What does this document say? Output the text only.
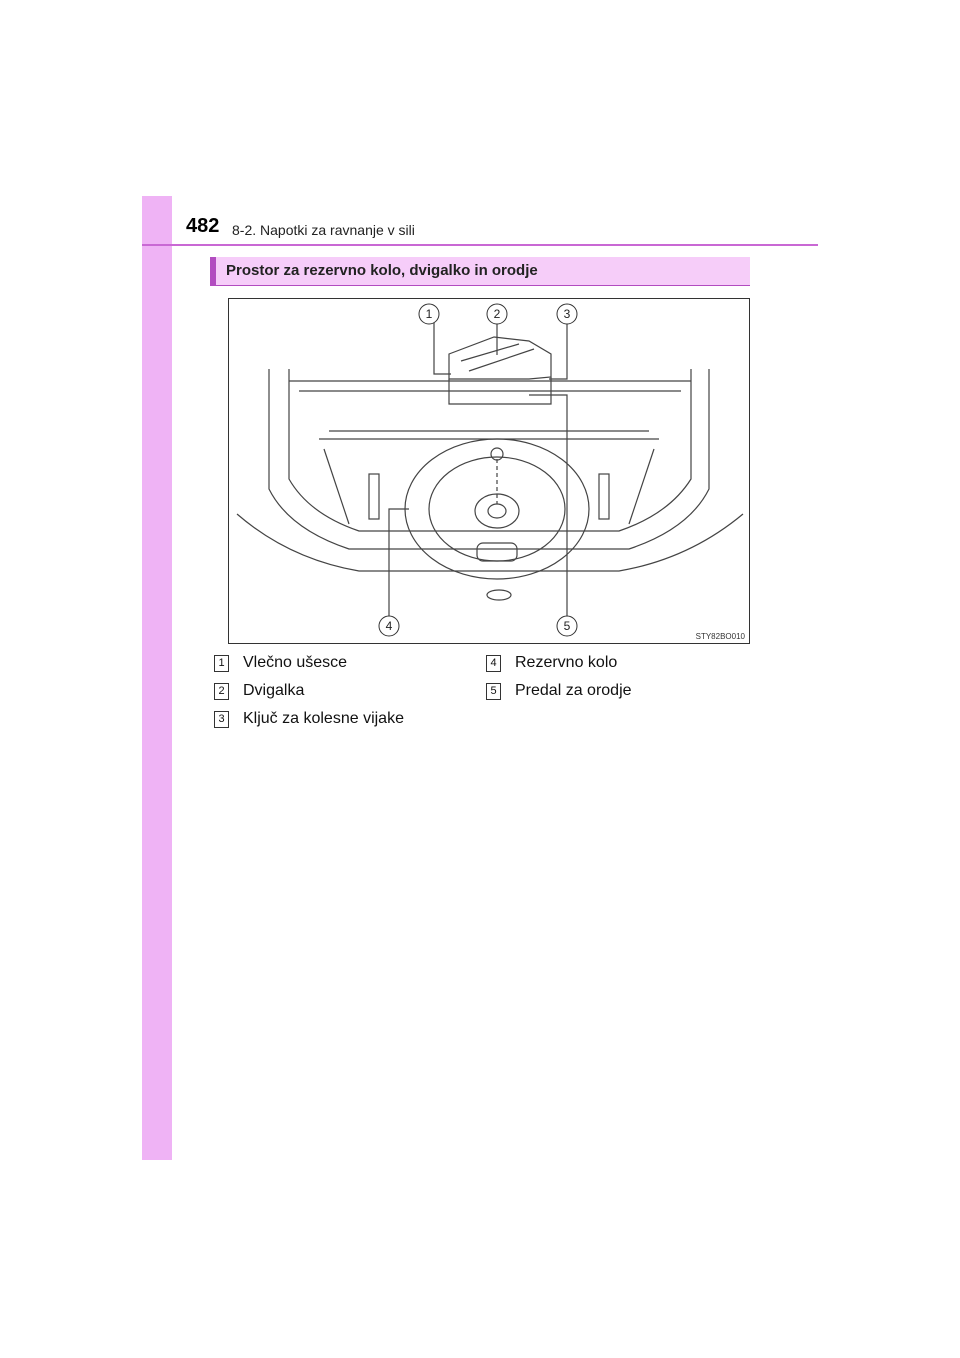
482 8-2. Napotki za ravnanje v sili
Prostor za rezervno kolo, dvigalko in orodje
1	2	3
4	5
STY82BO010
1 Vlečno ušesce
2 Dvigalka
3 Ključ za kolesne vijake
4 Rezervno kolo
5 Predal za orodje
